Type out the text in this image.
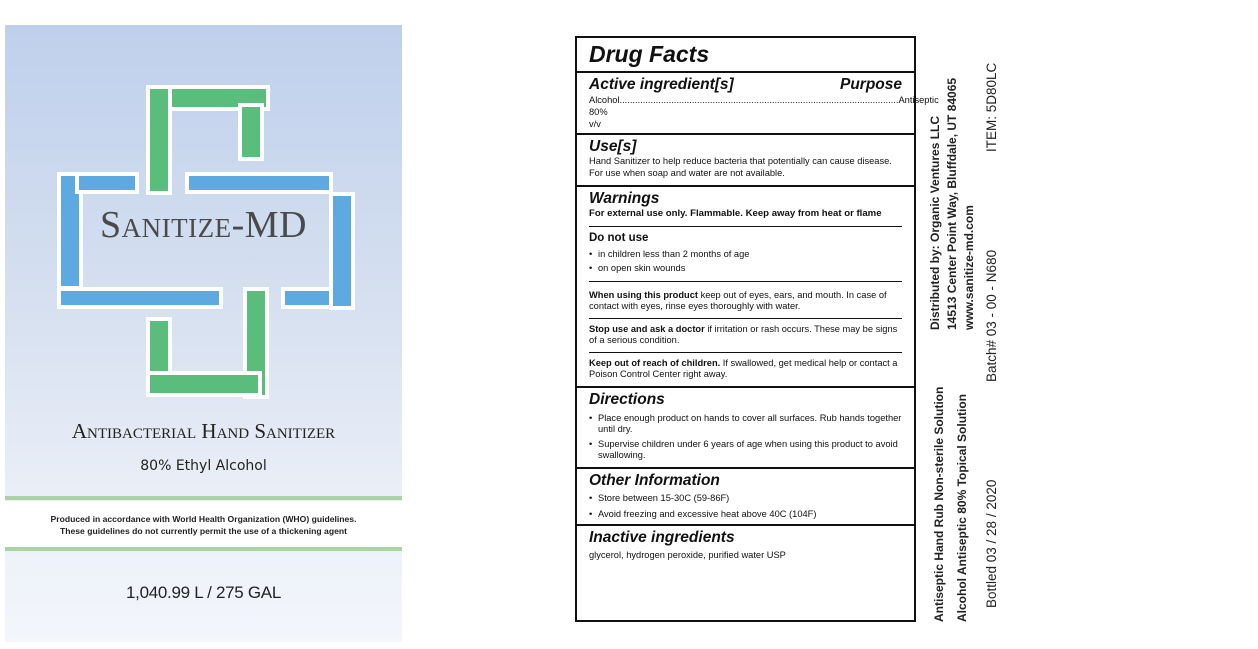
Sanitize-MD
Antibacterial Hand Sanitizer
80% Ethyl Alcohol
Produced in accordance with World Health Organization (WHO) guidelines.
These guidelines do not currently permit the use of a thickening agent
1,040.99 L / 275 GAL
Drug Facts
Active ingredient[s]	Purpose
Alcohol 80% v/v
............................................................................................................ Antiseptic
Use[s]
Hand Sanitizer to help reduce bacteria that potentially can cause disease. For use when soap and water are not available.
Warnings
For external use only. Flammable. Keep away from heat or flame
Do not use
• in children less than 2 months of age
• on open skin wounds
When using this product keep out of eyes, ears, and mouth. In case of contact with eyes, rinse eyes thoroughly with water.
Stop use and ask a doctor if irritation or rash occurs. These may be signs of a serious condition.
Keep out of reach of children. If swallowed, get medical help or contact a Poison Control Center right away.
Directions
• Place enough product on hands to cover all surfaces. Rub hands together until dry.
• Supervise children under 6 years of age when using this product to avoid swallowing.
Other Information
• Store between 15-30C (59-86F)
• Avoid freezing and excessive heat above 40C (104F)
Inactive ingredients
glycerol, hydrogen peroxide, purified water USP	Antiseptic Hand Rub Non-sterile Solution Alcohol Antiseptic 80% Topical Solution Bottled 03 / 28 / 2020
Distributed by: Organic Ventures LLC 14513 Center Point Way, Bluffdale, UT 84065 www.sanitize-md.com Batch# 03 - 00 - N680
ITEM: 5D80LC
